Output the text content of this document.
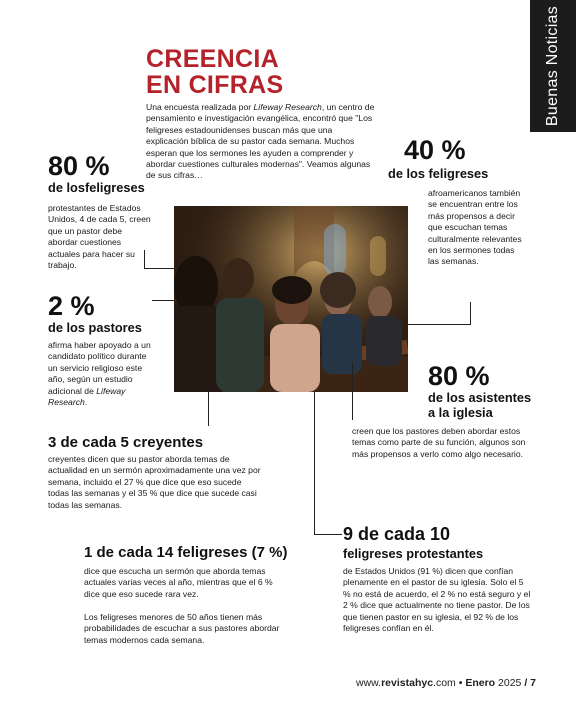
Buenas Noticias
CREENCIA
EN CIFRAS
Una encuesta realizada por Lifeway Research, un centro de pensamiento e investigación evangélica, encontró que "Los feligreses estadounidenses buscan más que una explicación bíblica de su pastor cada semana. Muchos esperan que los sermones les ayuden a comprender y abordar cuestiones culturales modernas". Veamos algunas de sus cifras…
80 %
de losfeligreses
protestantes de Estados Unidos, 4 de cada 5, creen que un pastor debe abordar cuestiones actuales para hacer su trabajo.
40 %
de los feligreses
afroamericanos también se encuentran entre los más propensos a decir que escuchan temas culturalmente relevantes en los sermones todas las semanas.
2 %
de los pastores
afirma haber apoyado a un candidato político durante un servicio religioso este año, según un estudio adicional de Lifeway Research.
80 %
de los asistentes
a la iglesia
creen que los pastores deben abordar estos temas como parte de su función, algunos son más propensos a verlo como algo necesario.
3 de cada 5 creyentes
creyentes dicen que su pastor aborda temas de actualidad en un sermón aproximadamente una vez por semana, incluido el 27 % que dice que eso sucede todas las semanas y el 35 % que dice que sucede casi todas las semanas.
9 de cada 10
feligreses protestantes
de Estados Unidos (91 %) dicen que confían plenamente en el pastor de su iglesia. Solo el 5 % no está de acuerdo, el 2 % no está seguro y el 2 % dice que actualmente no tiene pastor. De los que tienen pastor en su iglesia, el 92 % de los feligreses confían en él.
1 de cada 14 feligreses (7 %)
dice que escucha un sermón que aborda temas actuales varias veces al año, mientras que el 6 % dice que eso sucede rara vez.
Los feligreses menores de 50 años tienen más probabilidades de escuchar a sus pastores abordar temas modernos cada semana.
www.revistahyc.com • Enero 2025 / 7
